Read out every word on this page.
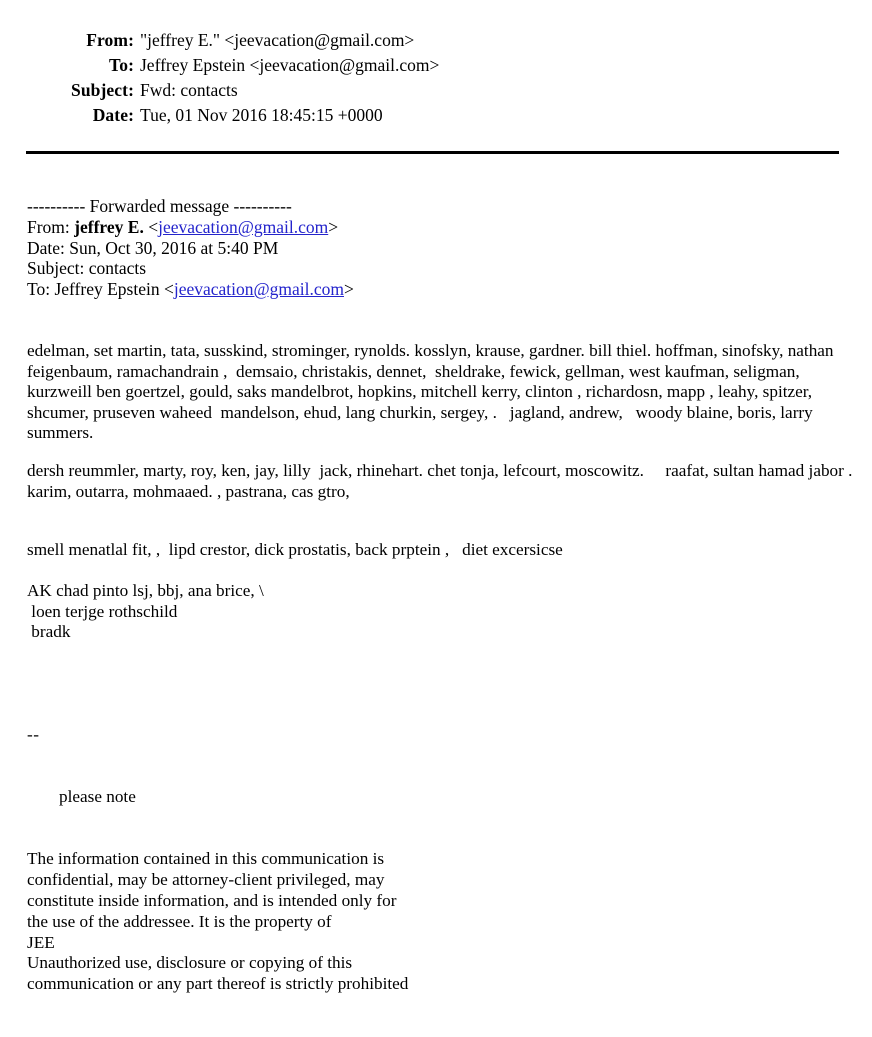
From: "jeffrey E." <jeevacation@gmail.com>
To: Jeffrey Epstein <jeevacation@gmail.com>
Subject: Fwd: contacts
Date: Tue, 01 Nov 2016 18:45:15 +0000
---------- Forwarded message ----------
From: jeffrey E. <jeevacation@gmail.com>
Date: Sun, Oct 30, 2016 at 5:40 PM
Subject: contacts
To: Jeffrey Epstein <jeevacation@gmail.com>
edelman, set martin, tata, susskind, strominger, rynolds. kosslyn, krause, gardner. bill thiel. hoffman, sinofsky, nathan feigenbaum, ramachandrain ,  demsaio, christakis, dennet,  sheldrake, fewick, gellman, west kaufman, seligman, kurzweill ben goertzel, gould, saks mandelbrot, hopkins, mitchell kerry, clinton , richardosn, mapp , leahy, spitzer, shcumer, pruseven waheed  mandelson, ehud, lang churkin, sergey, .   jagland, andrew,   woody blaine, boris, larry summers.
dersh reummler, marty, roy, ken, jay, lilly  jack, rhinehart. chet tonja, lefcourt, moscowitz.     raafat, sultan hamad jabor . karim, outarra, mohmaaed. , pastrana, cas gtro,
smell menatlal fit, ,  lipd crestor, dick prostatis, back prptein ,   diet excersicse
AK chad pinto lsj, bbj, ana brice, \
loen terjge rothschild
bradk

--

please note

The information contained in this communication is
confidential, may be attorney-client privileged, may
constitute inside information, and is intended only for
the use of the addressee. It is the property of
JEE
Unauthorized use, disclosure or copying of this
communication or any part thereof is strictly prohibited
